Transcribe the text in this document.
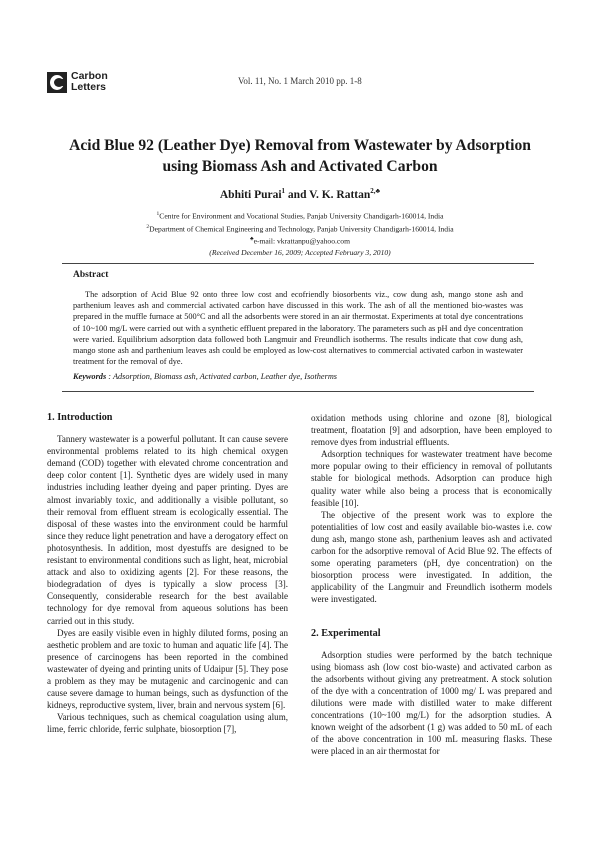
Carbon
Letters	Vol. 11, No. 1 March 2010 pp. 1-8
Acid Blue 92 (Leather Dye) Removal from Wastewater by Adsorption
using Biomass Ash and Activated Carbon
Abhiti Purai$^1$ and V. K. Rattan$^{2,♣}$
$^1$Centre for Environment and Vocational Studies, Panjab University Chandigarh-160014, India
$^2$Department of Chemical Engineering and Technology, Panjab University Chandigarh-160014, India
♣e-mail: vkrattanpu@yahoo.com
(Received December 16, 2009; Accepted February 3, 2010)
Abstract

The adsorption of Acid Blue 92 onto three low cost and ecofriendly biosorbents viz., cow dung ash, mango stone ash and parthenium leaves ash and commercial activated carbon have discussed in this work. The ash of all the mentioned bio-wastes was prepared in the muffle furnace at 500°C and all the adsorbents were stored in an air thermostat. Experiments at total dye concentrations of 10~100 mg/L were carried out with a synthetic effluent prepared in the laboratory. The parameters such as pH and dye concentration were varied. Equilibrium adsorption data followed both Langmuir and Freundlich isotherms. The results indicate that cow dung ash, mango stone ash and parthenium leaves ash could be employed as low-cost alternatives to commercial activated carbon in wastewater treatment for the removal of dye.

Keywords : Adsorption, Biomass ash, Activated carbon, Leather dye, Isotherms
1. Introduction

Tannery wastewater is a powerful pollutant. It can cause severe environmental problems related to its high chemical oxygen demand (COD) together with elevated chrome concentration and deep color content [1]. Synthetic dyes are widely used in many industries including leather dyeing and paper printing. Dyes are almost invariably toxic, and additionally a visible pollutant, so their removal from effluent stream is ecologically essential. The disposal of these wastes into the environment could be harmful since they reduce light penetration and have a derogatory effect on photosynthesis. In addition, most dyestuffs are designed to be resistant to environmental conditions such as light, heat, microbial attack and also to oxidizing agents [2]. For these reasons, the biodegradation of dyes is typically a slow process [3]. Consequently, considerable research for the best available technology for dye removal from aqueous solutions has been carried out in this study.

Dyes are easily visible even in highly diluted forms, posing an aesthetic problem and are toxic to human and aquatic life [4]. The presence of carcinogens has been reported in the combined wastewater of dyeing and printing units of Udaipur [5]. They pose a problem as they may be mutagenic and carcinogenic and can cause severe damage to human beings, such as dysfunction of the kidneys, reproductive system, liver, brain and nervous system [6].

Various techniques, such as chemical coagulation using alum, lime, ferric chloride, ferric sulphate, biosorption [7],

oxidation methods using chlorine and ozone [8], biological treatment, floatation [9] and adsorption, have been employed to remove dyes from industrial effluents.

Adsorption techniques for wastewater treatment have become more popular owing to their efficiency in removal of pollutants stable for biological methods. Adsorption can produce high quality water while also being a process that is economically feasible [10].

The objective of the present work was to explore the potentialities of low cost and easily available bio-wastes i.e. cow dung ash, mango stone ash, parthenium leaves ash and activated carbon for the adsorptive removal of Acid Blue 92. The effects of some operating parameters (pH, dye concentration) on the biosorption process were investigated. In addition, the applicability of the Langmuir and Freundlich isotherm models were investigated.

2. Experimental

Adsorption studies were performed by the batch technique using biomass ash (low cost bio-waste) and activated carbon as the adsorbents without giving any pretreatment. A stock solution of the dye with a concentration of 1000 mg/ L was prepared and dilutions were made with distilled water to make different concentrations (10~100 mg/L) for the adsorption studies. A known weight of the adsorbent (1 g) was added to 50 mL of each of the above concentration in 100 mL measuring flasks. These were placed in an air thermostat for
